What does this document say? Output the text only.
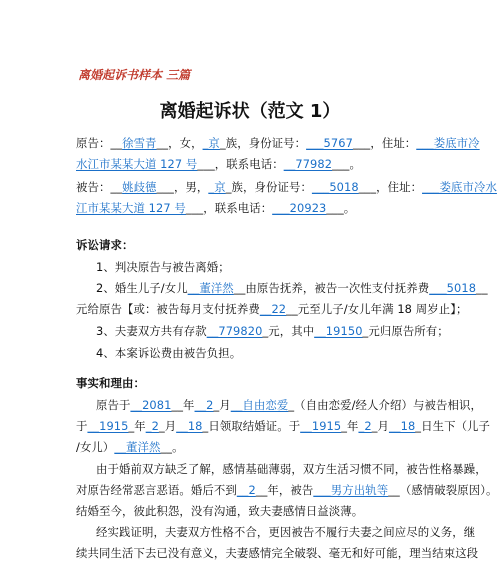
离婚起诉书样本 三篇
离婚起诉状（范文 1）
原告：__徐雪青__，女，_京_族，身份证号：___5767___，住址：___娄底市冷
水江市某某大道 127 号___，联系电话：__77982___。
被告：__姚歧德___，男，_京_族，身份证号：___5018___，住址：___娄底市冷水
江市某某大道 127 号___，联系电话：___20923___。
诉讼请求：
1、判决原告与被告离婚；
2、婚生儿子/女儿__董洋然__由原告抚养，被告一次性支付抚养费___5018__
元给原告【或：被告每月支付抚养费__22__元至儿子/女儿年满 18 周岁止】；
3、夫妻双方共有存款__779820_元，其中__19150_元归原告所有；
4、本案诉讼费由被告负担。
事实和理由：
原告于__2081__年__2_月__自由恋爱_（自由恋爱/经人介绍）与被告相识，
于__1915_年_2_月__18_日领取结婚证。于__1915_年_2_月__18_日生下（儿子
/女儿）__董洋然__。
由于婚前双方缺乏了解，感情基础薄弱，双方生活习惯不同，被告性格暴躁，
对原告经常恶言恶语。婚后不到__2__年，被告___男方出轨等__（感情破裂原因）。
结婚至今，彼此积怨，没有沟通，致夫妻感情日益淡薄。
经实践证明，夫妻双方性格不合，更因被告不履行夫妻之间应尽的义务，继
续共同生活下去已没有意义，夫妻感情完全破裂、毫无和好可能，理当结束这段
